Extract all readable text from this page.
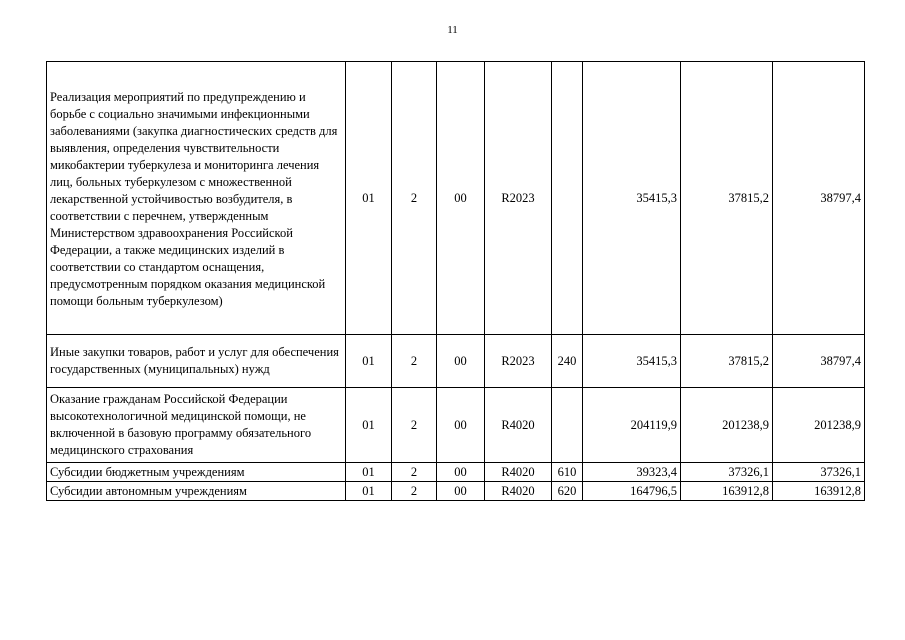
11
Реализация мероприятий по предупреждению и борьбе с социально значимыми инфекционными заболеваниями (закупка диагностических средств для выявления, определения чувствительности микобактерии туберкулеза и мониторинга лечения лиц, больных туберкулезом с множественной лекарственной устойчивостью возбудителя, в соответствии с перечнем, утвержденным Министерством здравоохранения Российской Федерации, а также медицинских изделий в соответствии со стандартом оснащения, предусмотренным порядком оказания медицинской помощи больным туберкулезом)	01	2	00	R2023		35415,3	37815,2	38797,4
Иные закупки товаров, работ и услуг для обеспечения государственных (муниципальных) нужд	01	2	00	R2023	240	35415,3	37815,2	38797,4
Оказание гражданам Российской Федерации высокотехнологичной медицинской помощи, не включенной в базовую программу обязательного медицинского страхования	01	2	00	R4020		204119,9	201238,9	201238,9
Субсидии бюджетным учреждениям	01	2	00	R4020	610	39323,4	37326,1	37326,1
Субсидии автономным учреждениям	01	2	00	R4020	620	164796,5	163912,8	163912,8
